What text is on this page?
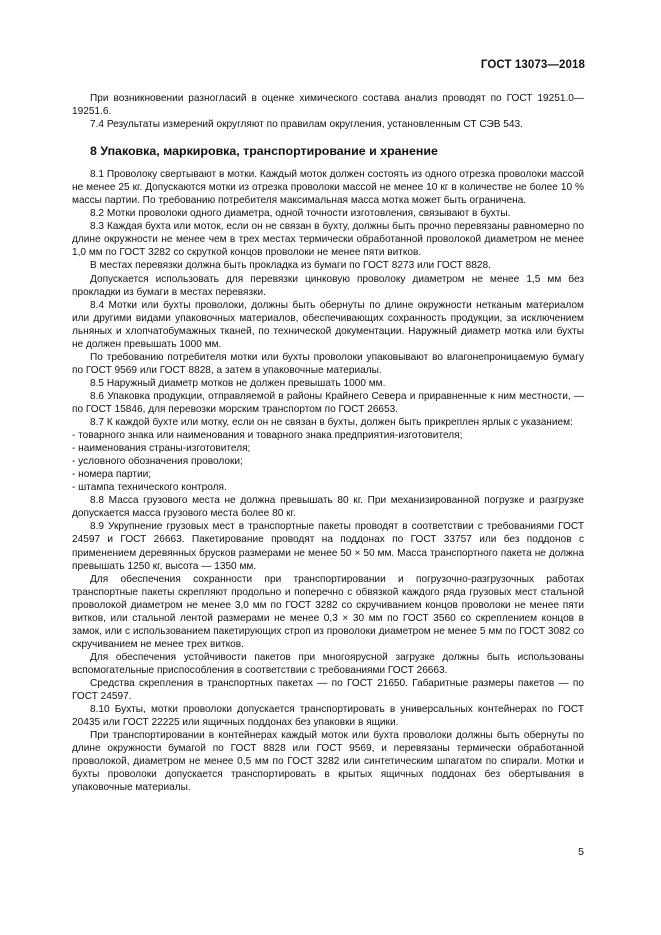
ГОСТ 13073—2018

При возникновении разногласий в оценке химического состава анализ проводят по ГОСТ 19251.0—19251.6.

7.4 Результаты измерений округляют по правилам округления, установленным СТ СЭВ 543.

8 Упаковка, маркировка, транспортирование и хранение

8.1 Проволоку свертывают в мотки. Каждый моток должен состоять из одного отрезка проволоки массой не менее 25 кг. Допускаются мотки из отрезка проволоки массой не менее 10 кг в количестве не более 10 % массы партии. По требованию потребителя максимальная масса мотка может быть ограничена.

8.2 Мотки проволоки одного диаметра, одной точности изготовления, связывают в бухты.

8.3 Каждая бухта или моток, если он не связан в бухту, должны быть прочно перевязаны равномерно по длине окружности не менее чем в трех местах термически обработанной проволокой диаметром не менее 1,0 мм по ГОСТ 3282 со скруткой концов проволоки не менее пяти витков.

В местах перевязки должна быть прокладка из бумаги по ГОСТ 8273 или ГОСТ 8828.

Допускается использовать для перевязки цинковую проволоку диаметром не менее 1,5 мм без прокладки из бумаги в местах перевязки.

8.4 Мотки или бухты проволоки, должны быть обернуты по длине окружности нетканым материалом или другими видами упаковочных материалов, обеспечивающих сохранность продукции, за исключением льняных и хлопчатобумажных тканей, по технической документации. Наружный диаметр мотка или бухты не должен превышать 1000 мм.

По требованию потребителя мотки или бухты проволоки упаковывают во влагонепроницаемую бумагу по ГОСТ 9569 или ГОСТ 8828, а затем в упаковочные материалы.

8.5 Наружный диаметр мотков не должен превышать 1000 мм.

8.6 Упаковка продукции, отправляемой в районы Крайнего Севера и приравненные к ним местности, — по ГОСТ 15846, для перевозки морским транспортом по ГОСТ 26653.

8.7 К каждой бухте или мотку, если он не связан в бухты, должен быть прикреплен ярлык с указанием:

- товарного знака или наименования и товарного знака предприятия-изготовителя;

- наименования страны-изготовителя;

- условного обозначения проволоки;

- номера партии;

- штампа технического контроля.

8.8 Масса грузового места не должна превышать 80 кг. При механизированной погрузке и разгрузке допускается масса грузового места более 80 кг.

8.9 Укрупнение грузовых мест в транспортные пакеты проводят в соответствии с требованиями ГОСТ 24597 и ГОСТ 26663. Пакетирование проводят на поддонах по ГОСТ 33757 или без поддонов с применением деревянных брусков размерами не менее 50 × 50 мм. Масса транспортного пакета не должна превышать 1250 кг, высота — 1350 мм.

Для обеспечения сохранности при транспортировании и погрузочно-разгрузочных работах транспортные пакеты скрепляют продольно и поперечно с обвязкой каждого ряда грузовых мест стальной проволокой диаметром не менее 3,0 мм по ГОСТ 3282 со скручиванием концов проволоки не менее пяти витков, или стальной лентой размерами не менее 0,3 × 30 мм по ГОСТ 3560 со скреплением концов в замок, или с использованием пакетирующих строп из проволоки диаметром не менее 5 мм по ГОСТ 3082 со скручиванием не менее трех витков.

Для обеспечения устойчивости пакетов при многоярусной загрузке должны быть использованы вспомогательные приспособления в соответствии с требованиями ГОСТ 26663.

Средства скрепления в транспортных пакетах — по ГОСТ 21650. Габаритные размеры пакетов — по ГОСТ 24597.

8.10 Бухты, мотки проволоки допускается транспортировать в универсальных контейнерах по ГОСТ 20435 или ГОСТ 22225 или ящичных поддонах без упаковки в ящики.

При транспортировании в контейнерах каждый моток или бухта проволоки должны быть обернуты по длине окружности бумагой по ГОСТ 8828 или ГОСТ 9569, и перевязаны термически обработанной проволокой, диаметром не менее 0,5 мм по ГОСТ 3282 или синтетическим шпагатом по спирали. Мотки и бухты проволоки допускается транспортировать в крытых ящичных поддонах без обертывания в упаковочные материалы.

5
